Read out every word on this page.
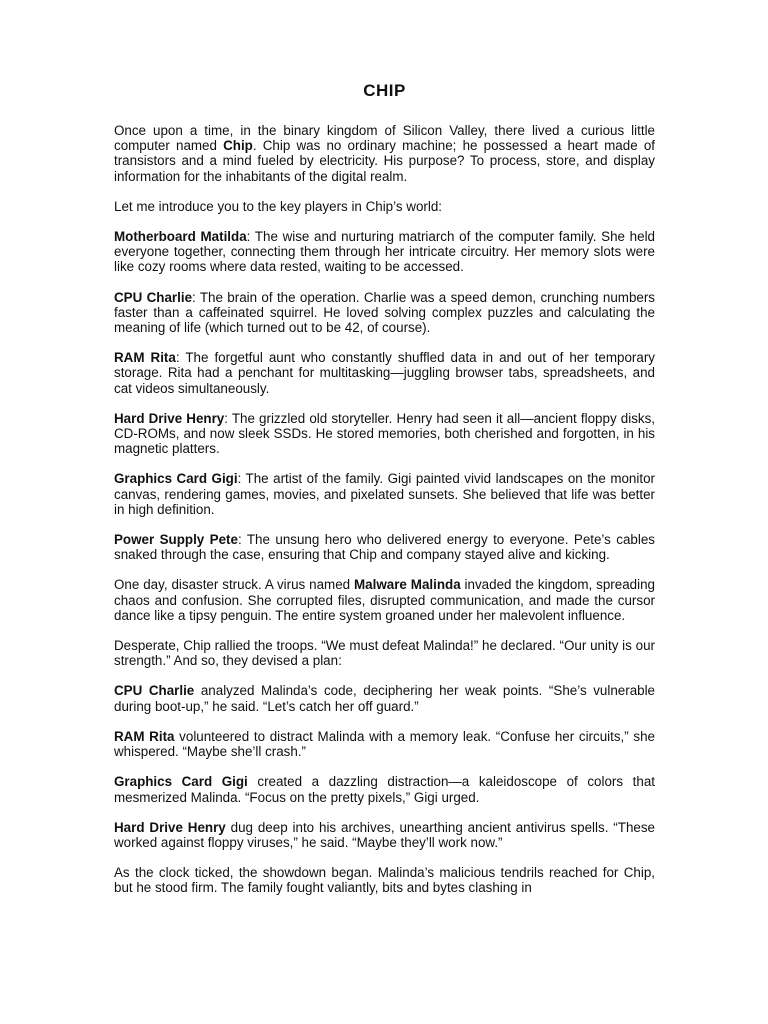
CHIP

Once upon a time, in the binary kingdom of Silicon Valley, there lived a curious little computer named Chip. Chip was no ordinary machine; he possessed a heart made of transistors and a mind fueled by electricity. His purpose? To process, store, and display information for the inhabitants of the digital realm.

Let me introduce you to the key players in Chip’s world:

Motherboard Matilda: The wise and nurturing matriarch of the computer family. She held everyone together, connecting them through her intricate circuitry. Her memory slots were like cozy rooms where data rested, waiting to be accessed.

CPU Charlie: The brain of the operation. Charlie was a speed demon, crunching numbers faster than a caffeinated squirrel. He loved solving complex puzzles and calculating the meaning of life (which turned out to be 42, of course).

RAM Rita: The forgetful aunt who constantly shuffled data in and out of her temporary storage. Rita had a penchant for multitasking—juggling browser tabs, spreadsheets, and cat videos simultaneously.

Hard Drive Henry: The grizzled old storyteller. Henry had seen it all—ancient floppy disks, CD-ROMs, and now sleek SSDs. He stored memories, both cherished and forgotten, in his magnetic platters.

Graphics Card Gigi: The artist of the family. Gigi painted vivid landscapes on the monitor canvas, rendering games, movies, and pixelated sunsets. She believed that life was better in high definition.

Power Supply Pete: The unsung hero who delivered energy to everyone. Pete’s cables snaked through the case, ensuring that Chip and company stayed alive and kicking.

One day, disaster struck. A virus named Malware Malinda invaded the kingdom, spreading chaos and confusion. She corrupted files, disrupted communication, and made the cursor dance like a tipsy penguin. The entire system groaned under her malevolent influence.

Desperate, Chip rallied the troops. “We must defeat Malinda!” he declared. “Our unity is our strength.” And so, they devised a plan:

CPU Charlie analyzed Malinda’s code, deciphering her weak points. “She’s vulnerable during boot-up,” he said. “Let’s catch her off guard.”

RAM Rita volunteered to distract Malinda with a memory leak. “Confuse her circuits,” she whispered. “Maybe she’ll crash.”

Graphics Card Gigi created a dazzling distraction—a kaleidoscope of colors that mesmerized Malinda. “Focus on the pretty pixels,” Gigi urged.

Hard Drive Henry dug deep into his archives, unearthing ancient antivirus spells. “These worked against floppy viruses,” he said. “Maybe they’ll work now.”

As the clock ticked, the showdown began. Malinda’s malicious tendrils reached for Chip, but he stood firm. The family fought valiantly, bits and bytes clashing in
